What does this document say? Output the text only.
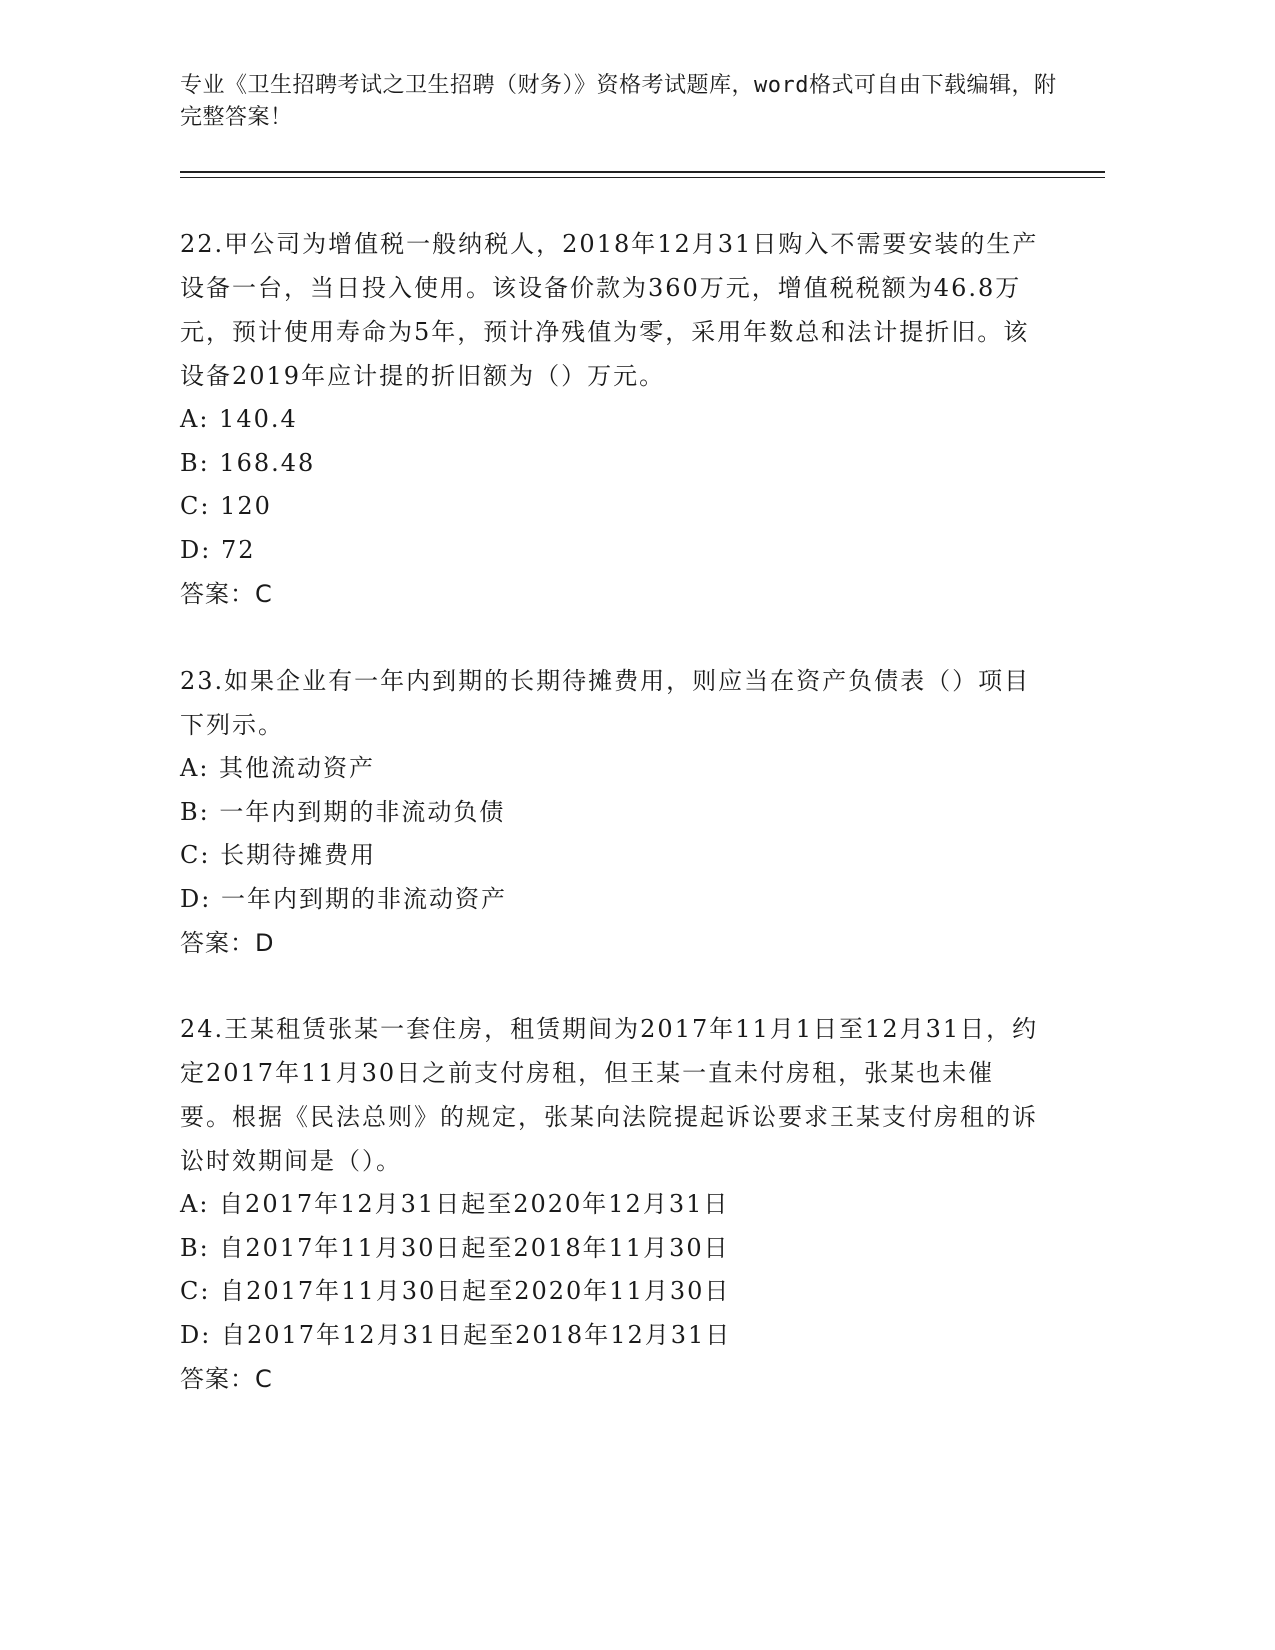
专业《卫生招聘考试之卫生招聘（财务）》资格考试题库，word格式可自由下载编辑，附完整答案！

22.甲公司为增值税一般纳税人，2018年12月31日购入不需要安装的生产设备一台，当日投入使用。该设备价款为360万元，增值税税额为46.8万元，预计使用寿命为5年，预计净残值为零，采用年数总和法计提折旧。该设备2019年应计提的折旧额为（）万元。

A: 140.4

B: 168.48

C: 120

D: 72

答案：C

23.如果企业有一年内到期的长期待摊费用，则应当在资产负债表（）项目下列示。

A: 其他流动资产

B: 一年内到期的非流动负债

C: 长期待摊费用

D: 一年内到期的非流动资产

答案：D

24.王某租赁张某一套住房，租赁期间为2017年11月1日至12月31日，约定2017年11月30日之前支付房租，但王某一直未付房租，张某也未催要。根据《民法总则》的规定，张某向法院提起诉讼要求王某支付房租的诉讼时效期间是（）。

A: 自2017年12月31日起至2020年12月31日

B: 自2017年11月30日起至2018年11月30日

C: 自2017年11月30日起至2020年11月30日

D: 自2017年12月31日起至2018年12月31日

答案：C
